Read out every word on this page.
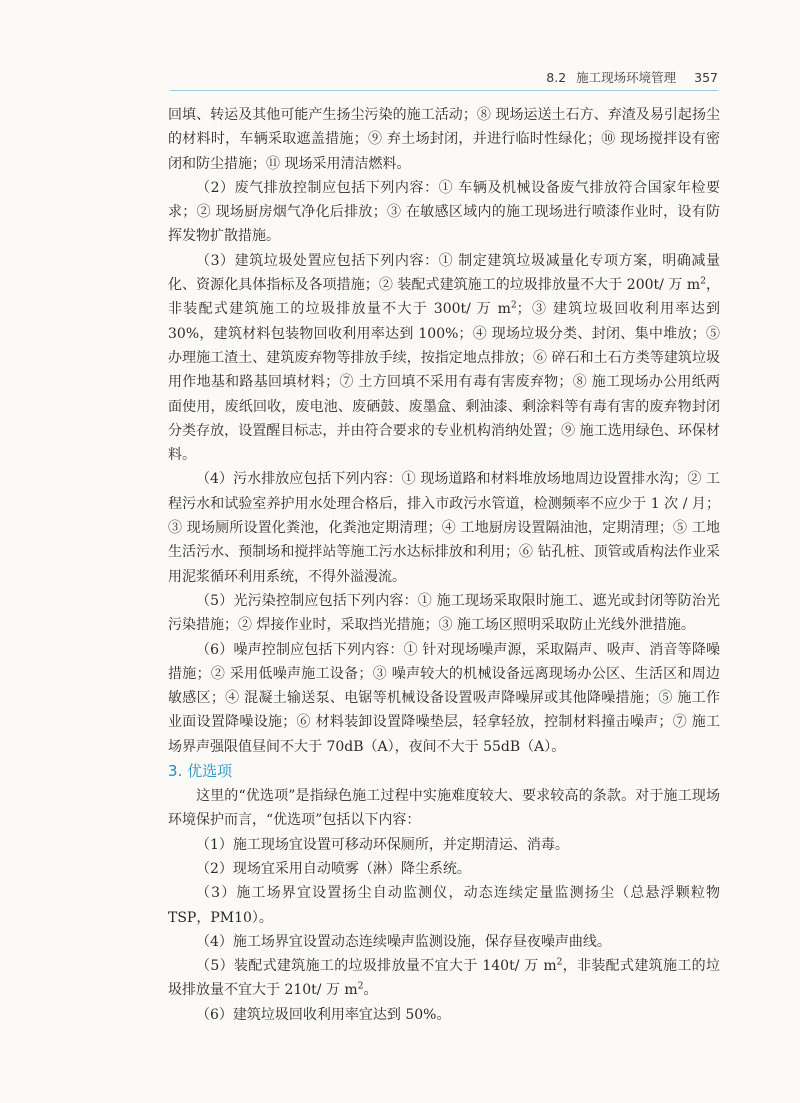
8.2 施工现场环境管理 357

回填、转运及其他可能产生扬尘污染的施工活动；⑧ 现场运送土石方、弃渣及易引起扬尘的材料时，车辆采取遮盖措施；⑨ 弃土场封闭，并进行临时性绿化；⑩ 现场搅拌设有密闭和防尘措施；⑪ 现场采用清洁燃料。

（2）废气排放控制应包括下列内容：① 车辆及机械设备废气排放符合国家年检要求；② 现场厨房烟气净化后排放；③ 在敏感区域内的施工现场进行喷漆作业时，设有防挥发物扩散措施。

（3）建筑垃圾处置应包括下列内容：① 制定建筑垃圾减量化专项方案，明确减量化、资源化具体指标及各项措施；② 装配式建筑施工的垃圾排放量不大于 200t/ 万 $m^2$，非装配式建筑施工的垃圾排放量不大于 300t/ 万 $m^2$；③ 建筑垃圾回收利用率达到 30%，建筑材料包装物回收利用率达到 100%；④ 现场垃圾分类、封闭、集中堆放；⑤ 办理施工渣土、建筑废弃物等排放手续，按指定地点排放；⑥ 碎石和土石方类等建筑垃圾用作地基和路基回填材料；⑦ 土方回填不采用有毒有害废弃物；⑧ 施工现场办公用纸两面使用，废纸回收，废电池、废硒鼓、废墨盒、剩油漆、剩涂料等有毒有害的废弃物封闭分类存放，设置醒目标志，并由符合要求的专业机构消纳处置；⑨ 施工选用绿色、环保材料。

（4）污水排放应包括下列内容：① 现场道路和材料堆放场地周边设置排水沟；② 工程污水和试验室养护用水处理合格后，排入市政污水管道，检测频率不应少于 1 次 / 月；③ 现场厕所设置化粪池，化粪池定期清理；④ 工地厨房设置隔油池，定期清理；⑤ 工地生活污水、预制场和搅拌站等施工污水达标排放和利用；⑥ 钻孔桩、顶管或盾构法作业采用泥浆循环利用系统，不得外溢漫流。

（5）光污染控制应包括下列内容：① 施工现场采取限时施工、遮光或封闭等防治光污染措施；② 焊接作业时，采取挡光措施；③ 施工场区照明采取防止光线外泄措施。

（6）噪声控制应包括下列内容：① 针对现场噪声源，采取隔声、吸声、消音等降噪措施；② 采用低噪声施工设备；③ 噪声较大的机械设备远离现场办公区、生活区和周边敏感区；④ 混凝土输送泵、电锯等机械设备设置吸声降噪屏或其他降噪措施；⑤ 施工作业面设置降噪设施；⑥ 材料装卸设置降噪垫层，轻拿轻放，控制材料撞击噪声；⑦ 施工场界声强限值昼间不大于 70dB（A），夜间不大于 55dB（A）。

3. 优选项

这里的“优选项”是指绿色施工过程中实施难度较大、要求较高的条款。对于施工现场环境保护而言，“优选项”包括以下内容：

（1）施工现场宜设置可移动环保厕所，并定期清运、消毒。

（2）现场宜采用自动喷雾（淋）降尘系统。

（3）施工场界宜设置扬尘自动监测仪，动态连续定量监测扬尘（总悬浮颗粒物 TSP，PM10）。

（4）施工场界宜设置动态连续噪声监测设施，保存昼夜噪声曲线。

（5）装配式建筑施工的垃圾排放量不宜大于 140t/ 万 $m^2$，非装配式建筑施工的垃圾排放量不宜大于 210t/ 万 $m^2$。

（6）建筑垃圾回收利用率宜达到 50%。
